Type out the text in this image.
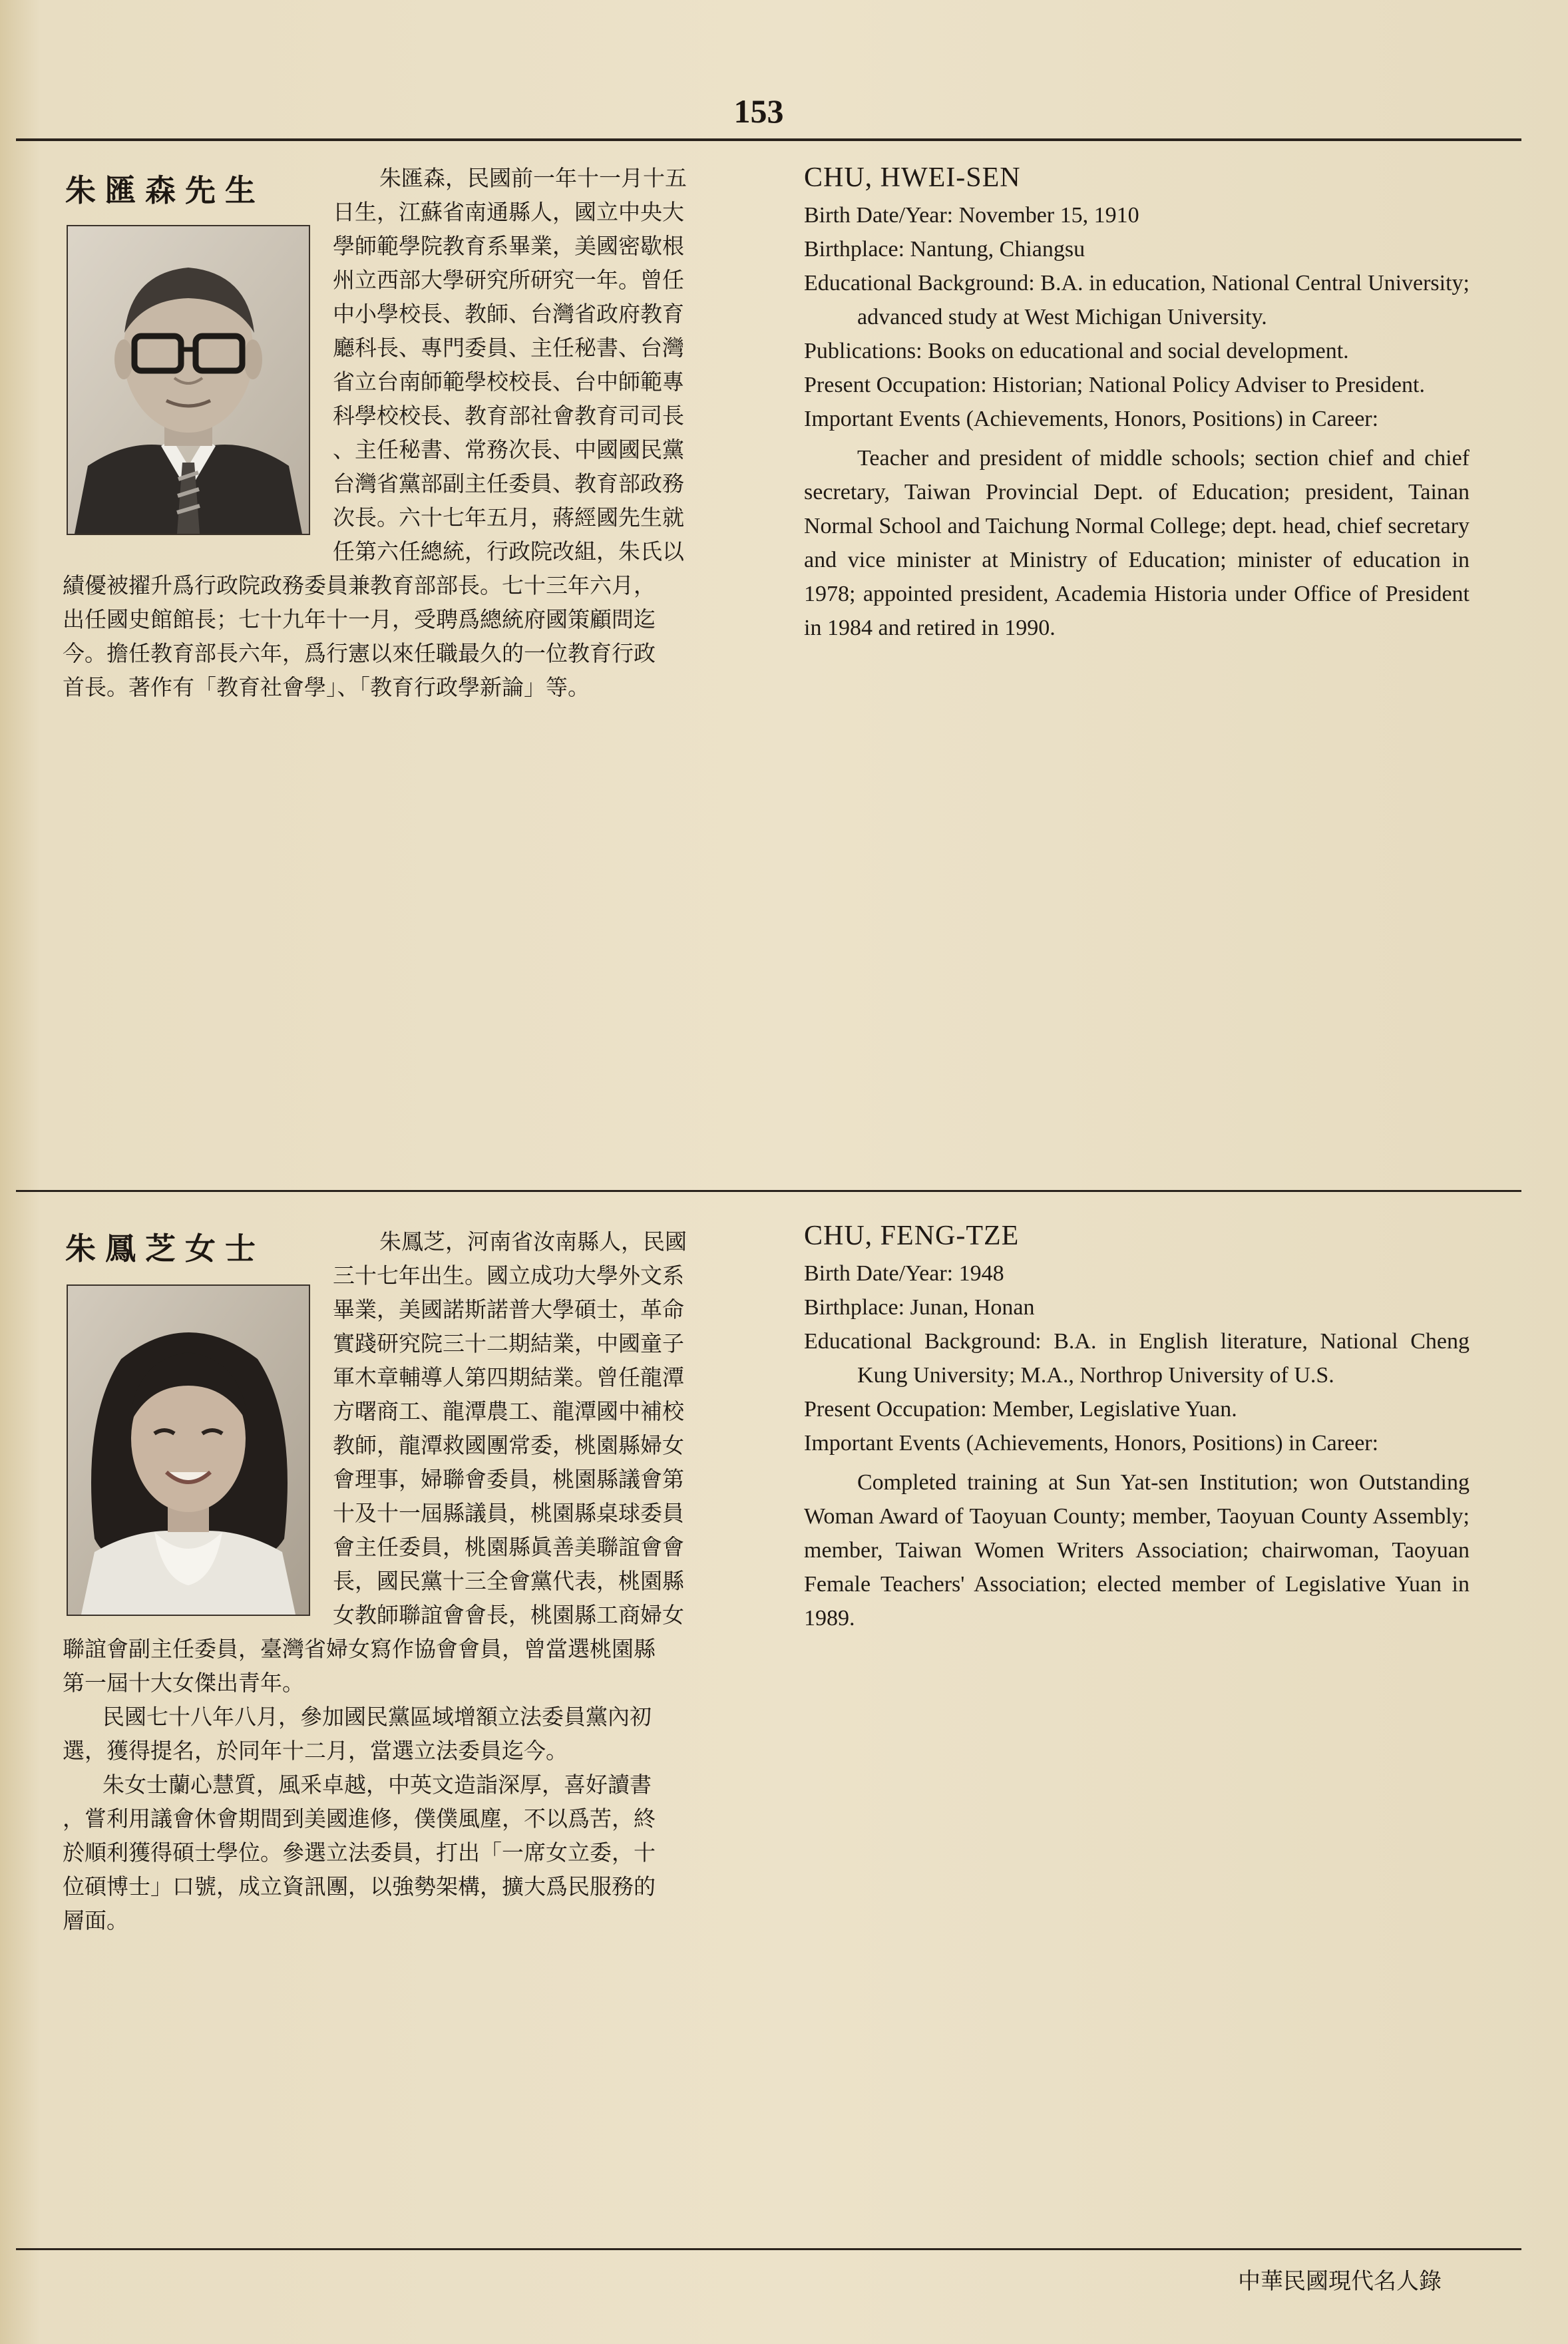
153
朱匯森先生	朱匯森，民國前一年十一月十五
日生，江蘇省南通縣人，國立中央大
學師範學院教育系畢業，美國密歇根
州立西部大學研究所研究一年。曾任
中小學校長、教師、台灣省政府教育
廳科長、專門委員、主任秘書、台灣
省立台南師範學校校長、台中師範專
科學校校長、教育部社會教育司司長
、主任秘書、常務次長、中國國民黨
台灣省黨部副主任委員、教育部政務
次長。六十七年五月，蔣經國先生就
任第六任總統，行政院改組，朱氏以
績優被擢升爲行政院政務委員兼教育部部長。七十三年六月，
出任國史館館長；七十九年十一月，受聘爲總統府國策顧問迄
今。擔任教育部長六年，爲行憲以來任職最久的一位教育行政
首長。著作有「教育社會學」、「教育行政學新論」等。
CHU, HWEI-SEN
Birth Date/Year: November 15, 1910
Birthplace: Nantung, Chiangsu
Educational Background: B.A. in education, National Central University; advanced study at West Michigan University.
Publications: Books on educational and social development.
Present Occupation: Historian; National Policy Adviser to President.
Important Events (Achievements, Honors, Positions) in Career:
Teacher and president of middle schools; section chief and chief secretary, Taiwan Provincial Dept. of Education; president, Tainan Normal School and Taichung Normal College; dept. head, chief secretary and vice minister at Ministry of Education; minister of education in 1978; appointed president, Academia Historia under Office of President in 1984 and retired in 1990.
朱鳳芝女士	朱鳳芝，河南省汝南縣人，民國
三十七年出生。國立成功大學外文系
畢業，美國諾斯諾普大學碩士，革命
實踐研究院三十二期結業，中國童子
軍木章輔導人第四期結業。曾任龍潭
方曙商工、龍潭農工、龍潭國中補校
教師，龍潭救國團常委，桃園縣婦女
會理事，婦聯會委員，桃園縣議會第
十及十一屆縣議員，桃園縣桌球委員
會主任委員，桃園縣眞善美聯誼會會
長，國民黨十三全會黨代表，桃園縣
女教師聯誼會會長，桃園縣工商婦女
聯誼會副主任委員，臺灣省婦女寫作協會會員，曾當選桃園縣
第一屆十大女傑出青年。
民國七十八年八月，參加國民黨區域增額立法委員黨內初
選，獲得提名，於同年十二月，當選立法委員迄今。
朱女士蘭心慧質，風釆卓越，中英文造詣深厚，喜好讀書
，嘗利用議會休會期間到美國進修，僕僕風塵，不以爲苦，終
於順利獲得碩士學位。參選立法委員，打出「一席女立委，十
位碩博士」口號，成立資訊團，以強勢架構，擴大爲民服務的
層面。
CHU, FENG-TZE
Birth Date/Year: 1948
Birthplace: Junan, Honan
Educational Background: B.A. in English literature, National Cheng Kung University; M.A., Northrop University of U.S.
Present Occupation: Member, Legislative Yuan.
Important Events (Achievements, Honors, Positions) in Career:
Completed training at Sun Yat-sen Institution; won Outstanding Woman Award of Taoyuan County; member, Taoyuan County Assembly; member, Taiwan Women Writers Association; chairwoman, Taoyuan Female Teachers' Association; elected member of Legislative Yuan in 1989.
中華民國現代名人錄
